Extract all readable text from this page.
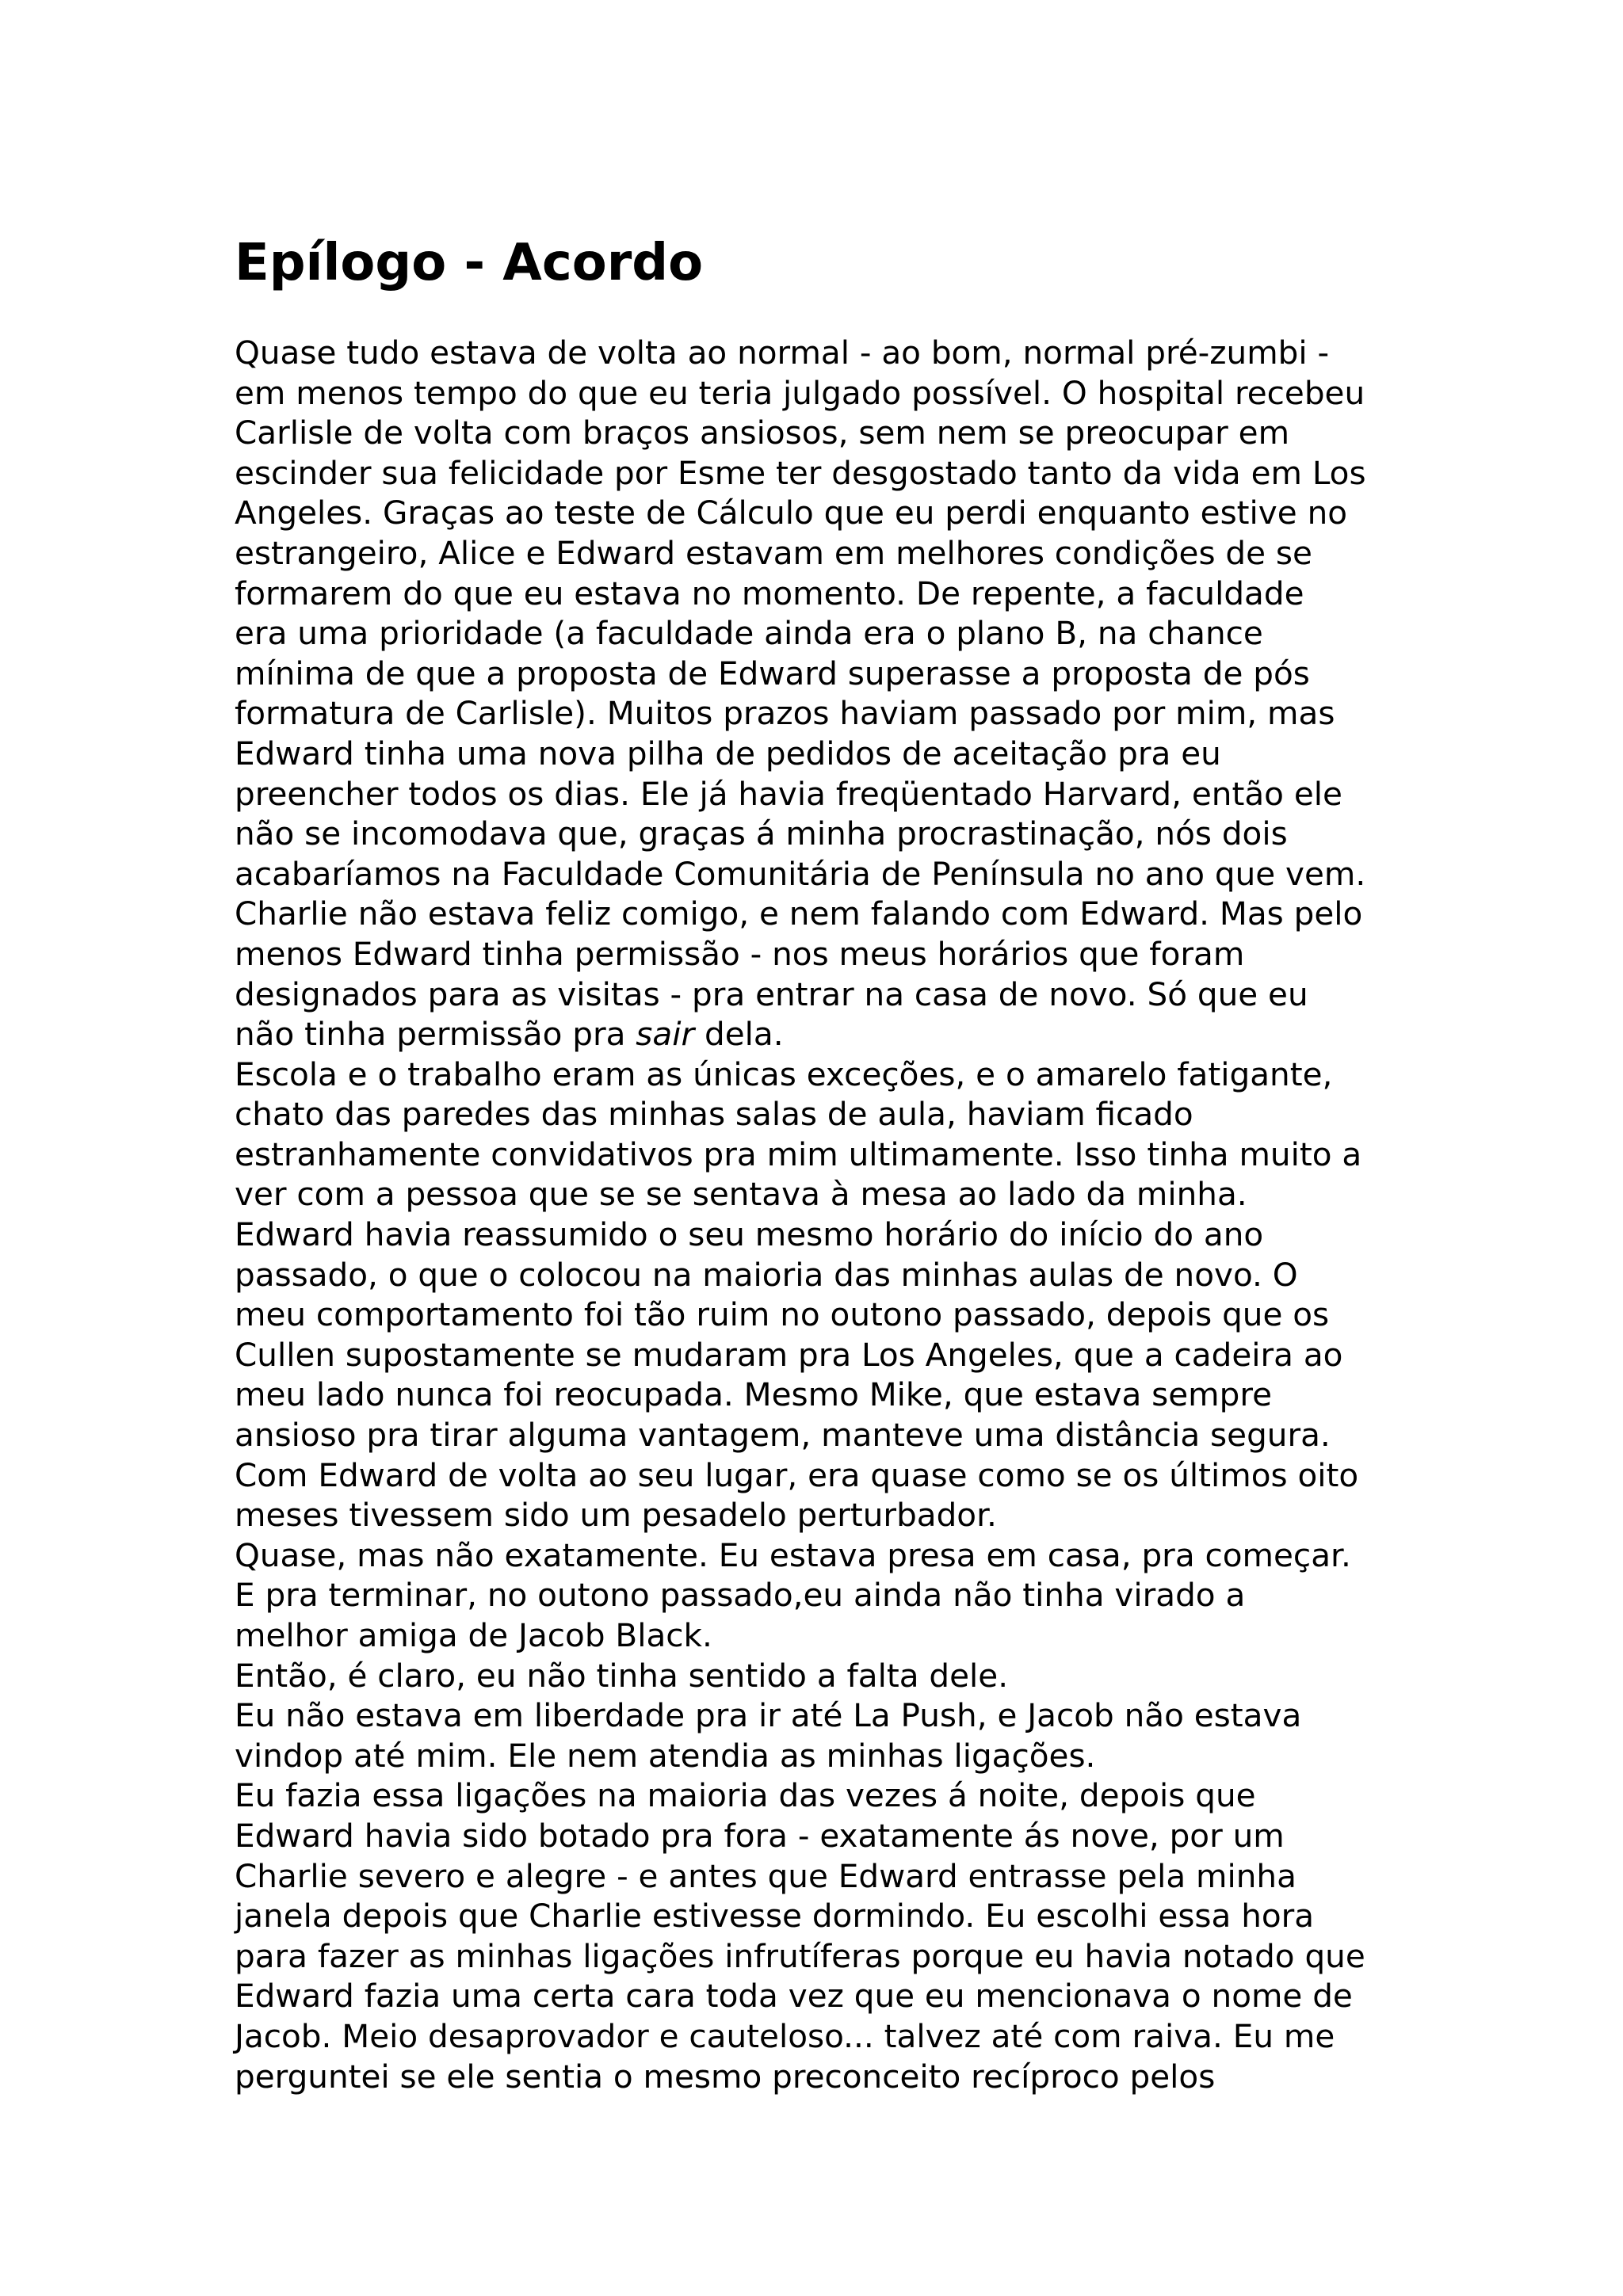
Epílogo - Acordo
Quase tudo estava de volta ao normal - ao bom, normal pré-zumbi -
em menos tempo do que eu teria julgado possível. O hospital recebeu
Carlisle de volta com braços ansiosos, sem nem se preocupar em
escinder sua felicidade por Esme ter desgostado tanto da vida em Los
Angeles. Graças ao teste de Cálculo que eu perdi enquanto estive no
estrangeiro, Alice e Edward estavam em melhores condições de se
formarem do que eu estava no momento. De repente, a faculdade
era uma prioridade (a faculdade ainda era o plano B, na chance
mínima de que a proposta de Edward superasse a proposta de pós
formatura de Carlisle). Muitos prazos haviam passado por mim, mas
Edward tinha uma nova pilha de pedidos de aceitação pra eu
preencher todos os dias. Ele já havia freqüentado Harvard, então ele
não se incomodava que, graças á minha procrastinação, nós dois
acabaríamos na Faculdade Comunitária de Península no ano que vem.
Charlie não estava feliz comigo, e nem falando com Edward. Mas pelo
menos Edward tinha permissão - nos meus horários que foram
designados para as visitas - pra entrar na casa de novo. Só que eu
não tinha permissão pra sair dela.
Escola e o trabalho eram as únicas exceções, e o amarelo fatigante,
chato das paredes das minhas salas de aula, haviam ficado
estranhamente convidativos pra mim ultimamente. Isso tinha muito a
ver com a pessoa que se se sentava à mesa ao lado da minha.
Edward havia reassumido o seu mesmo horário do início do ano
passado, o que o colocou na maioria das minhas aulas de novo. O
meu comportamento foi tão ruim no outono passado, depois que os
Cullen supostamente se mudaram pra Los Angeles, que a cadeira ao
meu lado nunca foi reocupada. Mesmo Mike, que estava sempre
ansioso pra tirar alguma vantagem, manteve uma distância segura.
Com Edward de volta ao seu lugar, era quase como se os últimos oito
meses tivessem sido um pesadelo perturbador.
Quase, mas não exatamente. Eu estava presa em casa, pra começar.
E pra terminar, no outono passado,eu ainda não tinha virado a
melhor amiga de Jacob Black.
Então, é claro, eu não tinha sentido a falta dele.
Eu não estava em liberdade pra ir até La Push, e Jacob não estava
vindop até mim. Ele nem atendia as minhas ligações.
Eu fazia essa ligações na maioria das vezes á noite, depois que
Edward havia sido botado pra fora - exatamente ás nove, por um
Charlie severo e alegre - e antes que Edward entrasse pela minha
janela depois que Charlie estivesse dormindo. Eu escolhi essa hora
para fazer as minhas ligações infrutíferas porque eu havia notado que
Edward fazia uma certa cara toda vez que eu mencionava o nome de
Jacob. Meio desaprovador e cauteloso... talvez até com raiva. Eu me
perguntei se ele sentia o mesmo preconceito recíproco pelos
